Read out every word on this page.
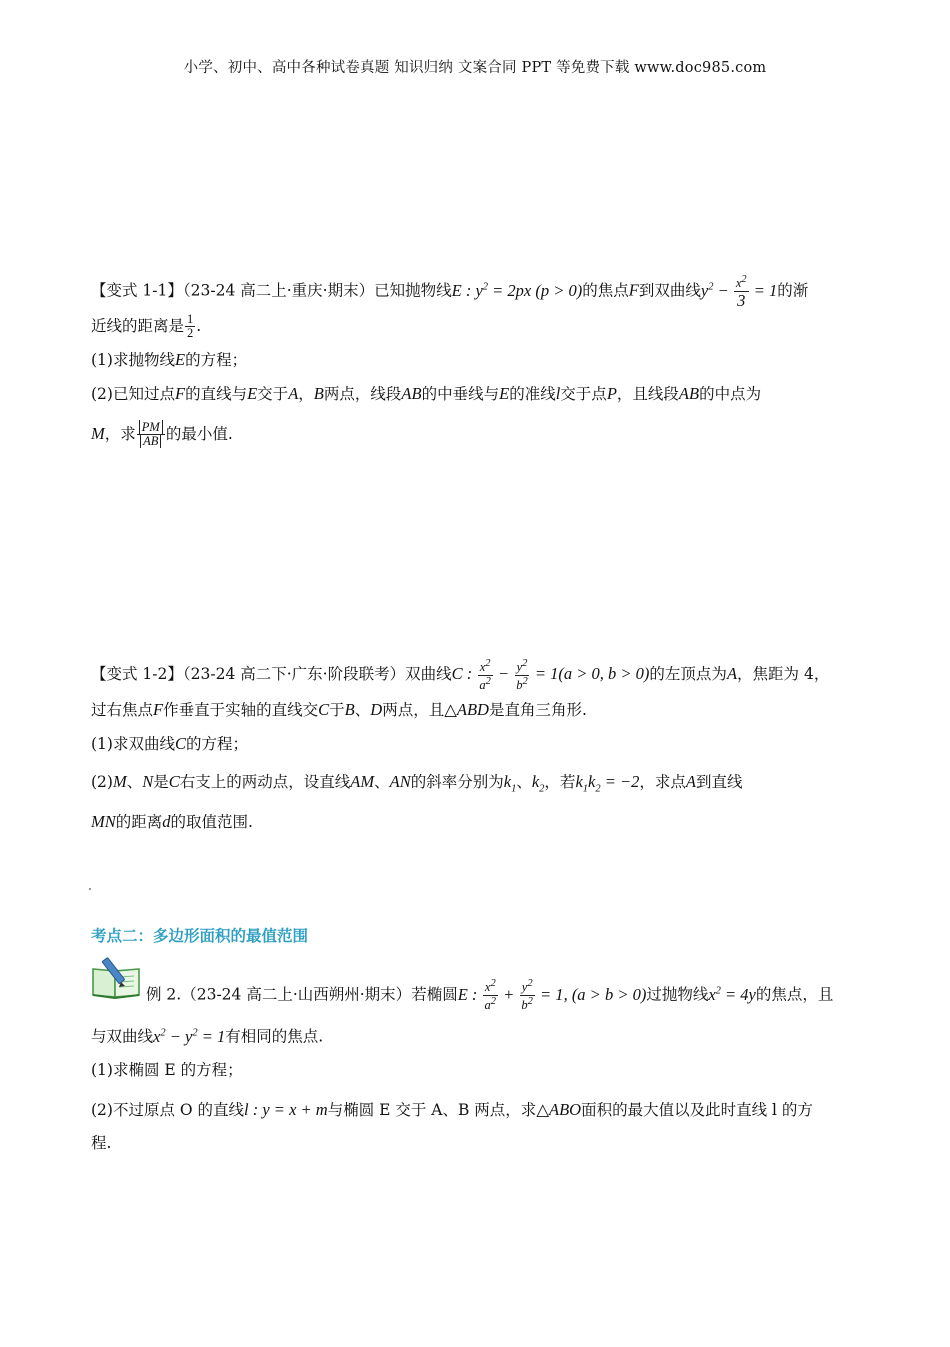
小学、初中、高中各种试卷真题 知识归纳 文案合同 PPT 等免费下载 www.doc985.com
【变式 1-1】（23-24 高二上·重庆·期末）已知抛物线E : $y^2 = 2px$ (p > 0)的焦点F到双曲线$y^2 - \frac{x^2}{3} = 1$的渐
近线的距离是 $\frac{1}{2}$ .
(1)求抛物线E的方程；
(2)已知过点F的直线与E交于A，B两点，线段AB的中垂线与E的准线l交于点P，且线段AB的中点为
M，求 $\frac{PM}{AB}$ 的最小值.
【变式 1-2】（23-24 高二下·广东·阶段联考）双曲线C : $\frac{x^2}{a^2} - \frac{y^2}{b^2} = 1(a > 0$, b > 0)的左顶点为A，焦距为 4，
过右焦点F作垂直于实轴的直线交C于B、D两点，且△ABD是直角三角形.
(1)求双曲线C的方程；
(2)M、N是C右支上的两动点，设直线AM、AN的斜率分别为$k_1$、$k_2$，若$k_1k_2 = -2$，求点A到直线
MN的距离d的取值范围.
考点二：多边形面积的最值范围
例 2.（23-24 高二上·山西朔州·期末）若椭圆E : $\frac{x^2}{a^2} + \frac{y^2}{b^2} = 1$, (a > b > 0)过抛物线$x^2 = 4y$的焦点，且
与双曲线$x^2 - y^2 = 1$有相同的焦点.
(1)求椭圆 E 的方程；
(2)不过原点 O 的直线l : y = x + m与椭圆 E 交于 A、B 两点，求△ABO面积的最大值以及此时直线 l 的方
程.
